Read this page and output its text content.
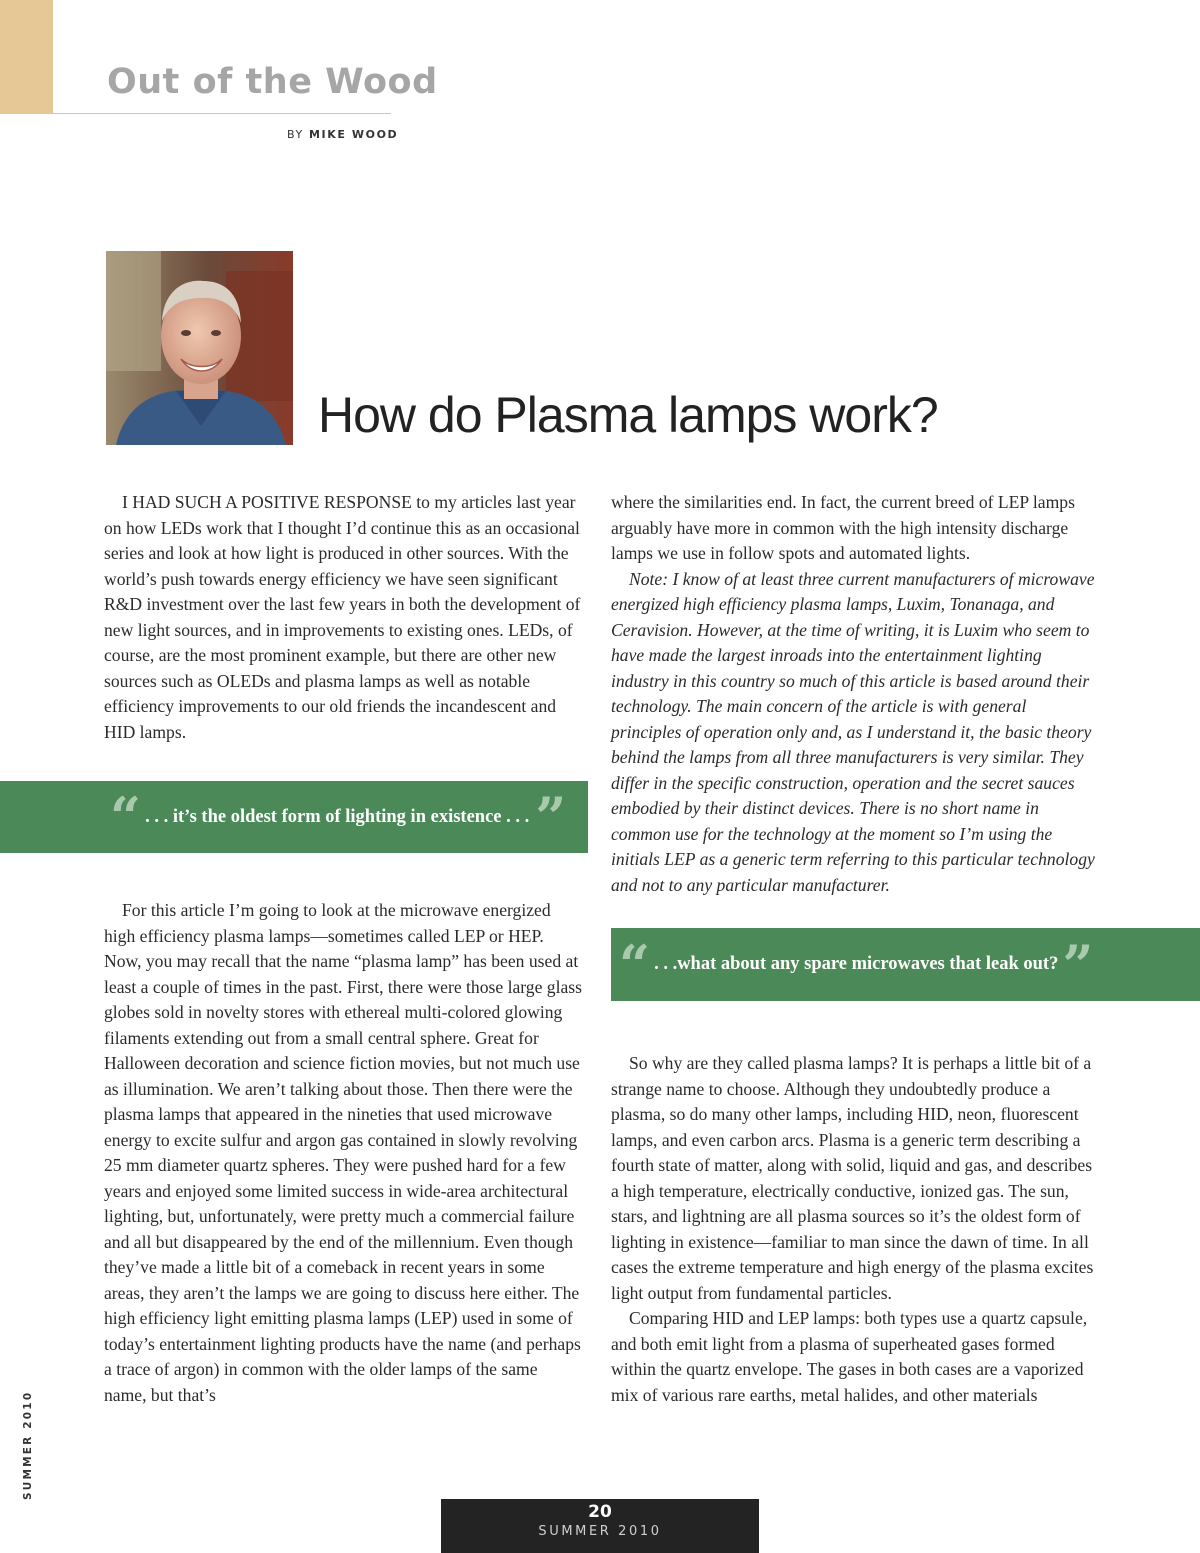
Out of the Wood
BY MIKE WOOD
How do Plasma lamps work?

I HAD SUCH A POSITIVE RESPONSE to my articles last year on how LEDs work that I thought I’d continue this as an occasional series and look at how light is produced in other sources. With the world’s push towards energy efficiency we have seen significant R&D investment over the last few years in both the development of new light sources, and in improvements to existing ones. LEDs, of course, are the most prominent example, but there are other new sources such as OLEDs and plasma lamps as well as notable efficiency improvements to our old friends the incandescent and HID lamps.

“ . . . it’s the oldest form of lighting in existence . . . ”

For this article I’m going to look at the microwave energized high efficiency plasma lamps—sometimes called LEP or HEP. Now, you may recall that the name “plasma lamp” has been used at least a couple of times in the past. First, there were those large glass globes sold in novelty stores with ethereal multi-colored glowing filaments extending out from a small central sphere. Great for Halloween decoration and science fiction movies, but not much use as illumination. We aren’t talking about those. Then there were the plasma lamps that appeared in the nineties that used microwave energy to excite sulfur and argon gas contained in slowly revolving 25 mm diameter quartz spheres. They were pushed hard for a few years and enjoyed some limited success in wide-area architectural lighting, but, unfortunately, were pretty much a commercial failure and all but disappeared by the end of the millennium. Even though they’ve made a little bit of a comeback in recent years in some areas, they aren’t the lamps we are going to discuss here either. The high efficiency light emitting plasma lamps (LEP) used in some of today’s entertainment lighting products have the name (and perhaps a trace of argon) in common with the older lamps of the same name, but that’s

where the similarities end. In fact, the current breed of LEP lamps arguably have more in common with the high intensity discharge lamps we use in follow spots and automated lights.

Note: I know of at least three current manufacturers of microwave energized high efficiency plasma lamps, Luxim, Tonanaga, and Ceravision. However, at the time of writing, it is Luxim who seem to have made the largest inroads into the entertainment lighting industry in this country so much of this article is based around their technology. The main concern of the article is with general principles of operation only and, as I understand it, the basic theory behind the lamps from all three manufacturers is very similar. They differ in the specific construction, operation and the secret sauces embodied by their distinct devices. There is no short name in common use for the technology at the moment so I’m using the initials LEP as a generic term referring to this particular technology and not to any particular manufacturer.

“ . . .what about any spare microwaves that leak out? ”

So why are they called plasma lamps? It is perhaps a little bit of a strange name to choose. Although they undoubtedly produce a plasma, so do many other lamps, including HID, neon, fluorescent lamps, and even carbon arcs. Plasma is a generic term describing a fourth state of matter, along with solid, liquid and gas, and describes a high temperature, electrically conductive, ionized gas. The sun, stars, and lightning are all plasma sources so it’s the oldest form of lighting in existence—familiar to man since the dawn of time. In all cases the extreme temperature and high energy of the plasma excites light output from fundamental particles.

Comparing HID and LEP lamps: both types use a quartz capsule, and both emit light from a plasma of superheated gases formed within the quartz envelope. The gases in both cases are a vaporized mix of various rare earths, metal halides, and other materials

SUMMER 2010
20
SUMMER 2010
